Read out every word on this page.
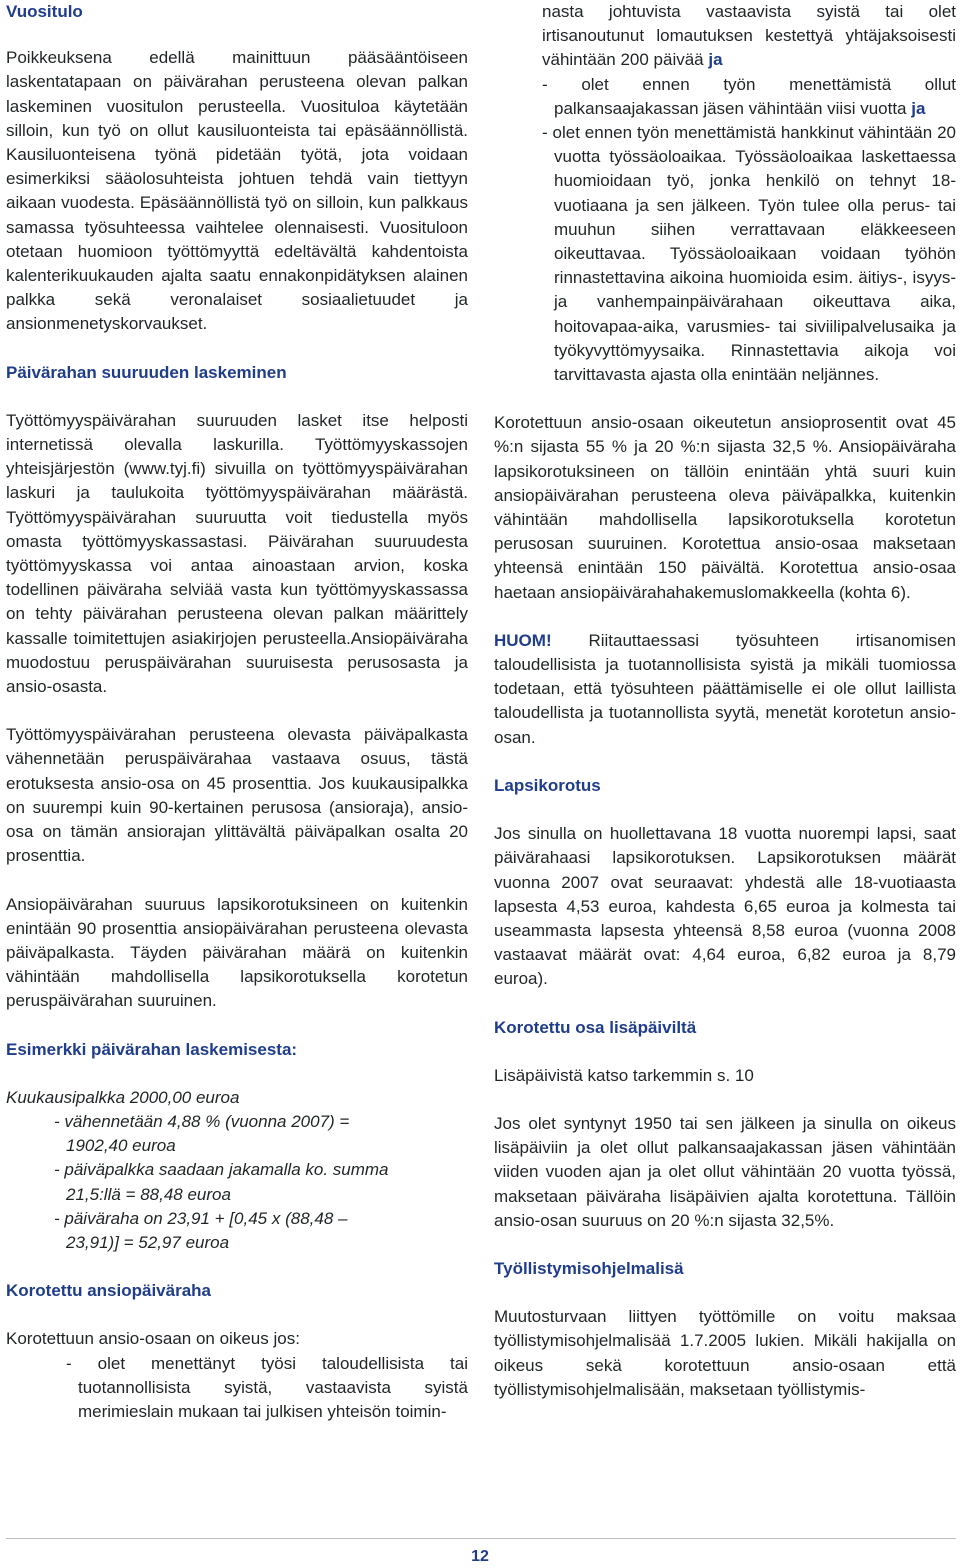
Vuositulo

Poikkeuksena edellä mainittuun pääsääntöiseen laskentatapaan on päivärahan perusteena olevan palkan laskeminen vuositulon perusteella. Vuosituloa käytetään silloin, kun työ on ollut kausiluonteista tai epäsäännöllistä. Kausiluonteisena työnä pidetään työtä, jota voidaan esimerkiksi sääolosuhteista johtuen tehdä vain tiettyyn aikaan vuodesta. Epäsäännöllistä työ on silloin, kun palkkaus samassa työsuhteessa vaihtelee olennaisesti. Vuosituloon otetaan huomioon työttömyyttä edeltävältä kahdentoista kalenterikuukauden ajalta saatu ennakonpidätyksen alainen palkka sekä veronalaiset sosiaalietuudet ja ansionmenetyskorvaukset.

Päivärahan suuruuden laskeminen

Työttömyyspäivärahan suuruuden lasket itse helposti internetissä olevalla laskurilla. Työttömyyskassojen yhteisjärjestön (www.tyj.fi) sivuilla on työttömyyspäivärahan laskuri ja taulukoita työttömyyspäivärahan määrästä. Työttömyyspäivärahan suuruutta voit tiedustella myös omasta työttömyyskassastasi. Päivärahan suuruudesta työttömyyskassa voi antaa ainoastaan arvion, koska todellinen päiväraha selviää vasta kun työttömyyskassassa on tehty päivärahan perusteena olevan palkan määrittely kassalle toimitettujen asiakirjojen perusteella.Ansiopäiväraha muodostuu peruspäivärahan suuruisesta perusosasta ja ansio-osasta.

Työttömyyspäivärahan perusteena olevasta päiväpalkasta vähennetään peruspäivärahaa vastaava osuus, tästä erotuksesta ansio-osa on 45 prosenttia. Jos kuukausipalkka on suurempi kuin 90-kertainen perusosa (ansioraja), ansio-osa on tämän ansiorajan ylittävältä päiväpalkan osalta 20 prosenttia.

Ansiopäivärahan suuruus lapsikorotuksineen on kuitenkin enintään 90 prosenttia ansiopäivärahan perusteena olevasta päiväpalkasta. Täyden päivärahan määrä on kuitenkin vähintään mahdollisella lapsikorotuksella korotetun peruspäivärahan suuruinen.

Esimerkki päivärahan laskemisesta:
Kuukausipalkka 2000,00 euroa
- vähennetään 4,88 % (vuonna 2007) =
1902,40 euroa
- päiväpalkka saadaan jakamalla ko. summa
21,5:llä = 88,48 euroa
- päiväraha on 23,91 + [0,45 x (88,48 –
23,91)] = 52,97 euroa
Korotettu ansiopäiväraha

Korotettuun ansio-osaan on oikeus jos:

- olet menettänyt työsi taloudellisista tai tuotannollisista syistä, vastaavista syistä merimieslain mukaan tai julkisen yhteisön toimin-
nasta johtuvista vastaavista syistä tai olet irtisanoutunut lomautuksen kestettyä yhtäjaksoisesti vähintään 200 päivää ja
- olet ennen työn menettämistä ollut palkansaajakassan jäsen vähintään viisi vuotta ja
- olet ennen työn menettämistä hankkinut vähintään 20 vuotta työssäoloaikaa. Työssäoloaikaa laskettaessa huomioidaan työ, jonka henkilö on tehnyt 18-vuotiaana ja sen jälkeen. Työn tulee olla perus- tai muuhun siihen verrattavaan eläkkeeseen oikeuttavaa. Työssäoloaikaan voidaan työhön rinnastettavina aikoina huomioida esim. äitiys-, isyys- ja vanhempainpäivärahaan oikeuttava aika, hoitovapaa-aika, varusmies- tai siviilipalvelusaika ja työkyvyttömyysaika. Rinnastettavia aikoja voi tarvittavasta ajasta olla enintään neljännes.

Korotettuun ansio-osaan oikeutetun ansioprosentit ovat 45 %:n sijasta 55 % ja 20 %:n sijasta 32,5 %. Ansiopäiväraha lapsikorotuksineen on tällöin enintään yhtä suuri kuin ansiopäivärahan perusteena oleva päiväpalkka, kuitenkin vähintään mahdollisella lapsikorotuksella korotetun perusosan suuruinen. Korotettua ansio-osaa maksetaan yhteensä enintään 150 päivältä. Korotettua ansio-osaa haetaan ansiopäivärahahakemuslomakkeella (kohta 6).

HUOM! Riitauttaessasi työsuhteen irtisanomisen taloudellisista ja tuotannollisista syistä ja mikäli tuomiossa todetaan, että työsuhteen päättämiselle ei ole ollut laillista taloudellista ja tuotannollista syytä, menetät korotetun ansio-osan.

Lapsikorotus

Jos sinulla on huollettavana 18 vuotta nuorempi lapsi, saat päivärahaasi lapsikorotuksen. Lapsikorotuksen määrät vuonna 2007 ovat seuraavat: yhdestä alle 18-vuotiaasta lapsesta 4,53 euroa, kahdesta 6,65 euroa ja kolmesta tai useammasta lapsesta yhteensä 8,58 euroa (vuonna 2008 vastaavat määrät ovat: 4,64 euroa, 6,82 euroa ja 8,79 euroa).

Korotettu osa lisäpäiviltä

Lisäpäivistä katso tarkemmin s. 10

Jos olet syntynyt 1950 tai sen jälkeen ja sinulla on oikeus lisäpäiviin ja olet ollut palkansaajakassan jäsen vähintään viiden vuoden ajan ja olet ollut vähintään 20 vuotta työssä, maksetaan päiväraha lisäpäivien ajalta korotettuna. Tällöin ansio-osan suuruus on 20 %:n sijasta 32,5%.

Työllistymisohjelmalisä

Muutosturvaan liittyen työttömille on voitu maksaa työllistymisohjelmalisää 1.7.2005 lukien. Mikäli hakijalla on oikeus sekä korotettuun ansio-osaan että työllistymisohjelmalisään, maksetaan työllistymis-

12
